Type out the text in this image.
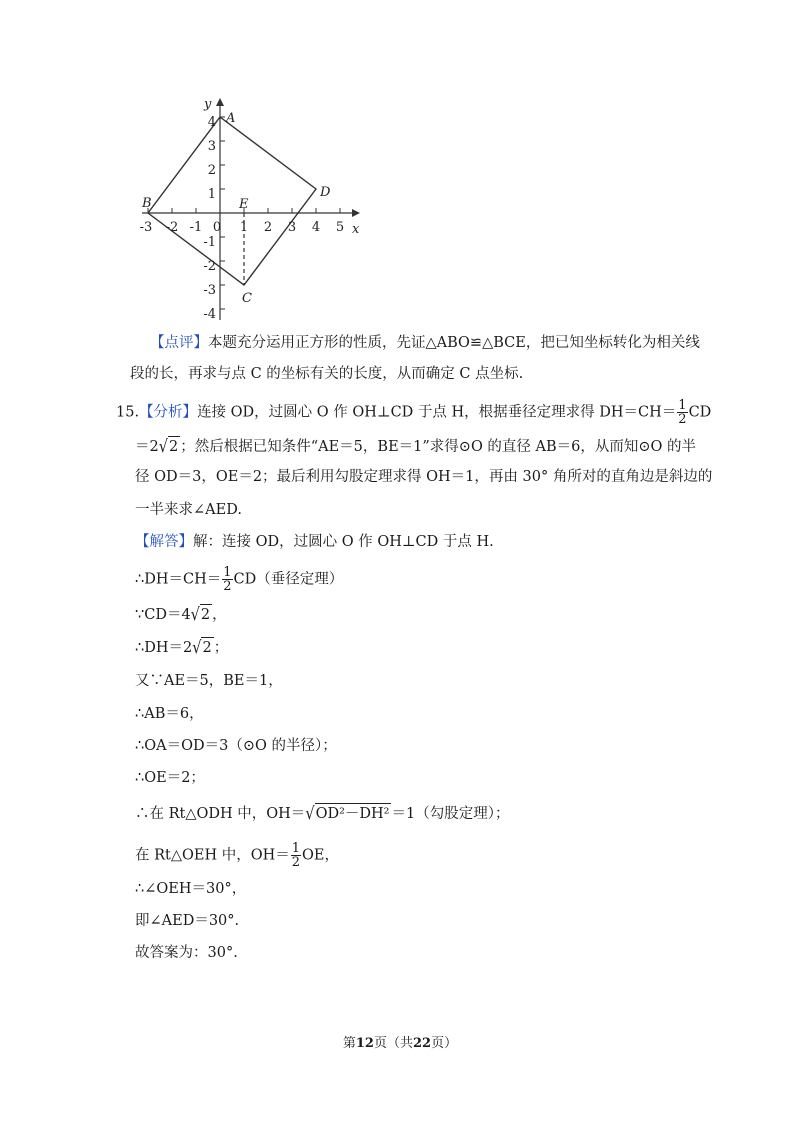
-3 -2 -1 0 1 2 3 4 5
4
3
2
1
-1
-2
-3
-4
x
y
A
B
C
D
E
【点评】本题充分运用正方形的性质，先证△ABO≌△BCE，把已知坐标转化为相关线
段的长，再求与点 C 的坐标有关的长度，从而确定 C 点坐标.
15.【分析】连接 OD，过圆心 O 作 OH⊥CD 于点 H，根据垂径定理求得 $DH=CH= \frac{1}{2}$ CD
＝2√2 ；然后根据已知条件“AE＝5，BE＝1”求得⊙O 的直径 AB＝6，从而知⊙O 的半
径 OD＝3，OE＝2；最后利用勾股定理求得 OH＝1，再由 30° 角所对的直角边是斜边的
一半来求∠AED.
【解答】解：连接 OD，过圆心 O 作 OH⊥CD 于点 H.
∴DH＝CH＝ $\frac{1}{2} CD$（垂径定理）
∵CD＝4√2 ，
∴DH＝2√2 ；
又∵AE＝5，BE＝1，
∴AB＝6，
∴OA＝OD＝3（⊙O 的半径）；
∴OE＝2；
∴在 Rt△ODH 中，OH＝√OD²－DH² ＝1（勾股定理）；
在 Rt△OEH 中，$OH= \frac{1}{2}$ OE，
∴∠OEH＝30°，
即∠AED＝30°.
故答案为：30°.
第12页（共22页）
